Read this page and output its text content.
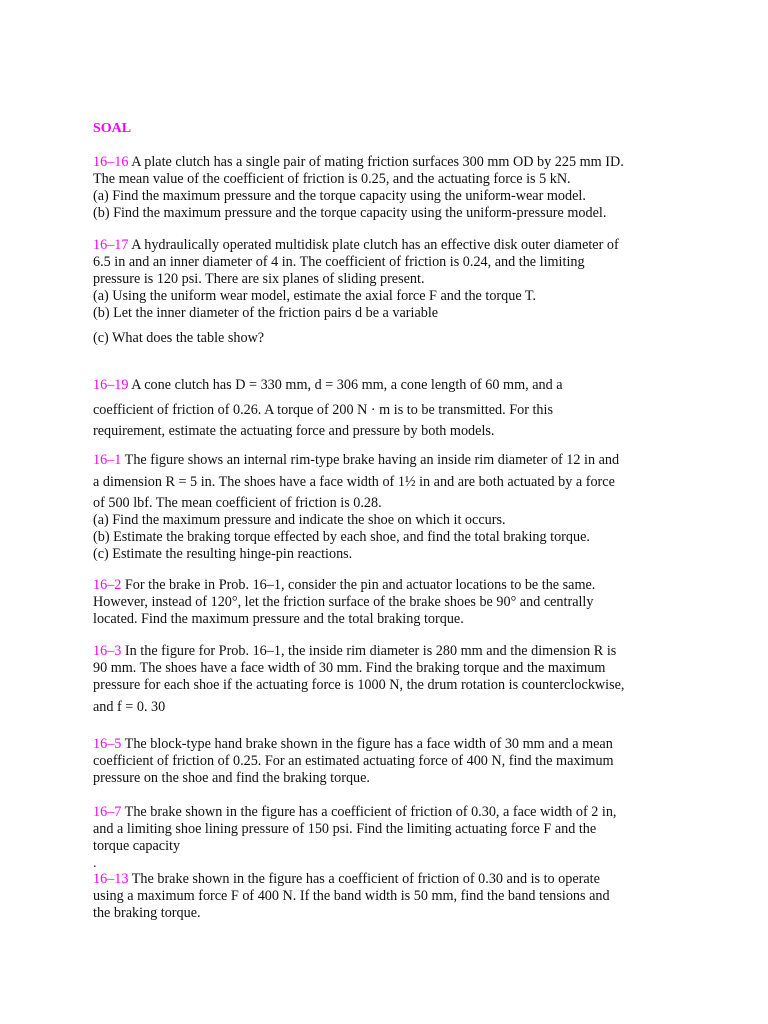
SOAL

16–16 A plate clutch has a single pair of mating friction surfaces 300 mm OD by 225 mm ID.
The mean value of the coefficient of friction is 0.25, and the actuating force is 5 kN.
(a) Find the maximum pressure and the torque capacity using the uniform-wear model.
(b) Find the maximum pressure and the torque capacity using the uniform-pressure model.

16–17 A hydraulically operated multidisk plate clutch has an effective disk outer diameter of
6.5 in and an inner diameter of 4 in. The coefficient of friction is 0.24, and the limiting
pressure is 120 psi. There are six planes of sliding present.
(a) Using the uniform wear model, estimate the axial force F and the torque T.
(b) Let the inner diameter of the friction pairs d be a variable
(c) What does the table show?

16–19 A cone clutch has D = 330 mm, d = 306 mm, a cone length of 60 mm, and a
coefficient of friction of 0.26. A torque of 200 N · m is to be transmitted. For this
requirement, estimate the actuating force and pressure by both models.

16–1 The figure shows an internal rim-type brake having an inside rim diameter of 12 in and
a dimension R = 5 in. The shoes have a face width of 1½ in and are both actuated by a force
of 500 lbf. The mean coefficient of friction is 0.28.
(a) Find the maximum pressure and indicate the shoe on which it occurs.
(b) Estimate the braking torque effected by each shoe, and find the total braking torque.
(c) Estimate the resulting hinge-pin reactions.

16–2 For the brake in Prob. 16–1, consider the pin and actuator locations to be the same.
However, instead of 120°, let the friction surface of the brake shoes be 90° and centrally
located. Find the maximum pressure and the total braking torque.

16–3 In the figure for Prob. 16–1, the inside rim diameter is 280 mm and the dimension R is
90 mm. The shoes have a face width of 30 mm. Find the braking torque and the maximum
pressure for each shoe if the actuating force is 1000 N, the drum rotation is counterclockwise,
and f = 0. 30

16–5 The block-type hand brake shown in the figure has a face width of 30 mm and a mean
coefficient of friction of 0.25. For an estimated actuating force of 400 N, find the maximum
pressure on the shoe and find the braking torque.

16–7 The brake shown in the figure has a coefficient of friction of 0.30, a face width of 2 in,
and a limiting shoe lining pressure of 150 psi. Find the limiting actuating force F and the
torque capacity

.

16–13 The brake shown in the figure has a coefficient of friction of 0.30 and is to operate
using a maximum force F of 400 N. If the band width is 50 mm, find the band tensions and
the braking torque.
